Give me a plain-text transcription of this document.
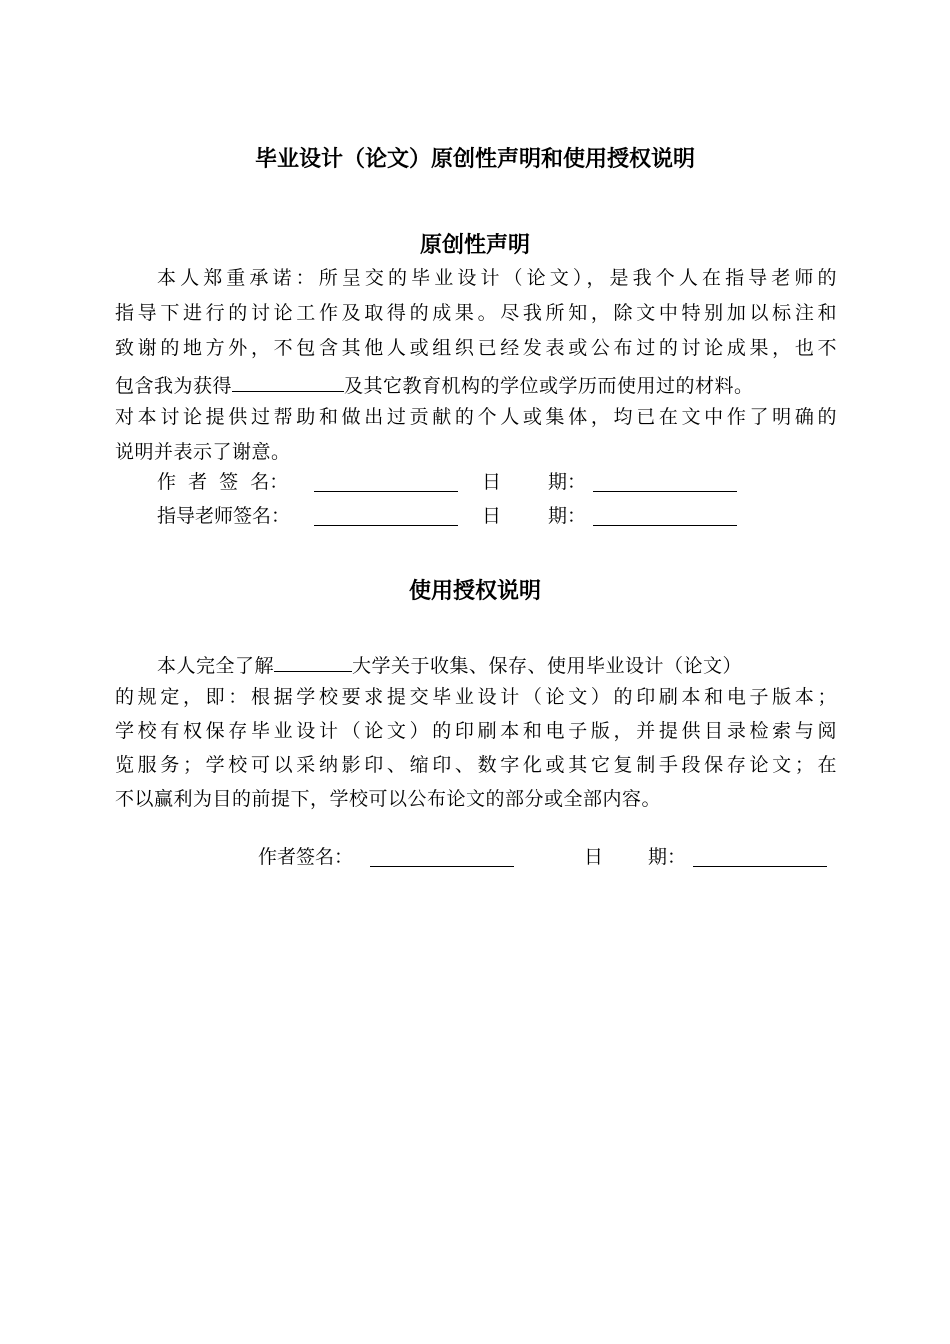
毕业设计（论文）原创性声明和使用授权说明
原创性声明
本人郑重承诺：所呈交的毕业设计（论文），是我个人在指导老师的
指导下进行的讨论工作及取得的成果。尽我所知，除文中特别加以标注和
致谢的地方外，不包含其他人或组织已经发表或公布过的讨论成果，也不
包含我为获得	及其它教育机构的学位或学历而使用过的材料。
对本讨论提供过帮助和做出过贡献的个人或集体，均已在文中作了明确的
说明并表示了谢意。
作  者  签  名：	日 期：
指导老师签名：	日 期：
使用授权说明
本人完全了解	大学关于收集、保存、使用毕业设计（论文）
的规定，即：根据学校要求提交毕业设计（论文）的印刷本和电子版本；
学校有权保存毕业设计（论文）的印刷本和电子版，并提供目录检索与阅
览服务；学校可以采纳影印、缩印、数字化或其它复制手段保存论文；在
不以赢利为目的前提下，学校可以公布论文的部分或全部内容。
作者签名：	日 期：
